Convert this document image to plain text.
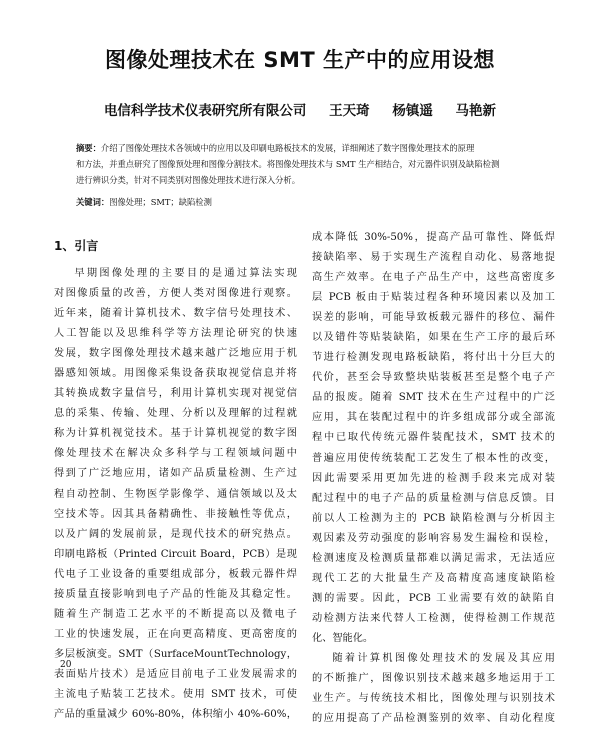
图像处理技术在 SMT 生产中的应用设想
电信科学技术仪表研究所有限公司 王天琦 杨镇遥 马艳新
摘要：介绍了图像处理技术各领域中的应用以及印刷电路板技术的发展，详细阐述了数字图像处理技术的原理
和方法，并重点研究了图像预处理和图像分割技术。将图像处理技术与 SMT 生产相结合，对元器件识别及缺陷检测
进行辨识分类，针对不同类别对图像处理技术进行深入分析。
关键词：图像处理；SMT；缺陷检测
1、引言
早期图像处理的主要目的是通过算法实现
对图像质量的改善，方便人类对图像进行观察。
近年来，随着计算机技术、数字信号处理技术、
人工智能以及思维科学等方法理论研究的快速
发展，数字图像处理技术越来越广泛地应用于机
器感知领域。用图像采集设备获取视觉信息并将
其转换成数字量信号，利用计算机实现对视觉信
息的采集、传输、处理、分析以及理解的过程就
称为计算机视觉技术。基于计算机视觉的数字图
像处理技术在解决众多科学与工程领域问题中
得到了广泛地应用，诸如产品质量检测、生产过
程自动控制、生物医学影像学、通信领域以及太
空技术等。因其具备精确性、非接触性等优点，
以及广阔的发展前景，是现代技术的研究热点。
印刷电路板（Printed Circuit Board，PCB）是现
代电子工业设备的重要组成部分，板载元器件焊
接质量直接影响到电子产品的性能及其稳定性。
随着生产制造工艺水平的不断提高以及微电子
工业的快速发展，正在向更高精度、更高密度的
多层板演变。SMT（SurfaceMountTechnology，
表面贴片技术）是适应目前电子工业发展需求的
主流电子贴装工艺技术。使用 SMT 技术，可使
产品的重量减少 60%-80%，体积缩小 40%-60%，
成本降低 30%-50%，提高产品可靠性、降低焊
接缺陷率、易于实现生产流程自动化、易落地提
高生产效率。在电子产品生产中，这些高密度多
层 PCB 板由于贴装过程各种环境因素以及加工
误差的影响，可能导致板载元器件的移位、漏件
以及错件等贴装缺陷，如果在生产工序的最后环
节进行检测发现电路板缺陷，将付出十分巨大的
代价，甚至会导致整块贴装板甚至是整个电子产
品的报废。随着 SMT 技术在生产过程中的广泛
应用，其在装配过程中的许多组成部分或全部流
程中已取代传统元器件装配技术，SMT 技术的
普遍应用使传统装配工艺发生了根本性的改变，
因此需要采用更加先进的检测手段来完成对装
配过程中的电子产品的质量检测与信息反馈。目
前以人工检测为主的 PCB 缺陷检测与分析因主
观因素及劳动强度的影响容易发生漏检和误检，
检测速度及检测质量都难以满足需求，无法适应
现代工艺的大批量生产及高精度高速度缺陷检
测的需要。因此，PCB 工业需要有效的缺陷自
动检测方法来代替人工检测，使得检测工作规范
化、智能化。
随着计算机图像处理技术的发展及其应用
的不断推广，图像识别技术越来越多地运用于工
业生产。与传统技术相比，图像处理与识别技术
的应用提高了产品检测鉴别的效率、自动化程度
20
